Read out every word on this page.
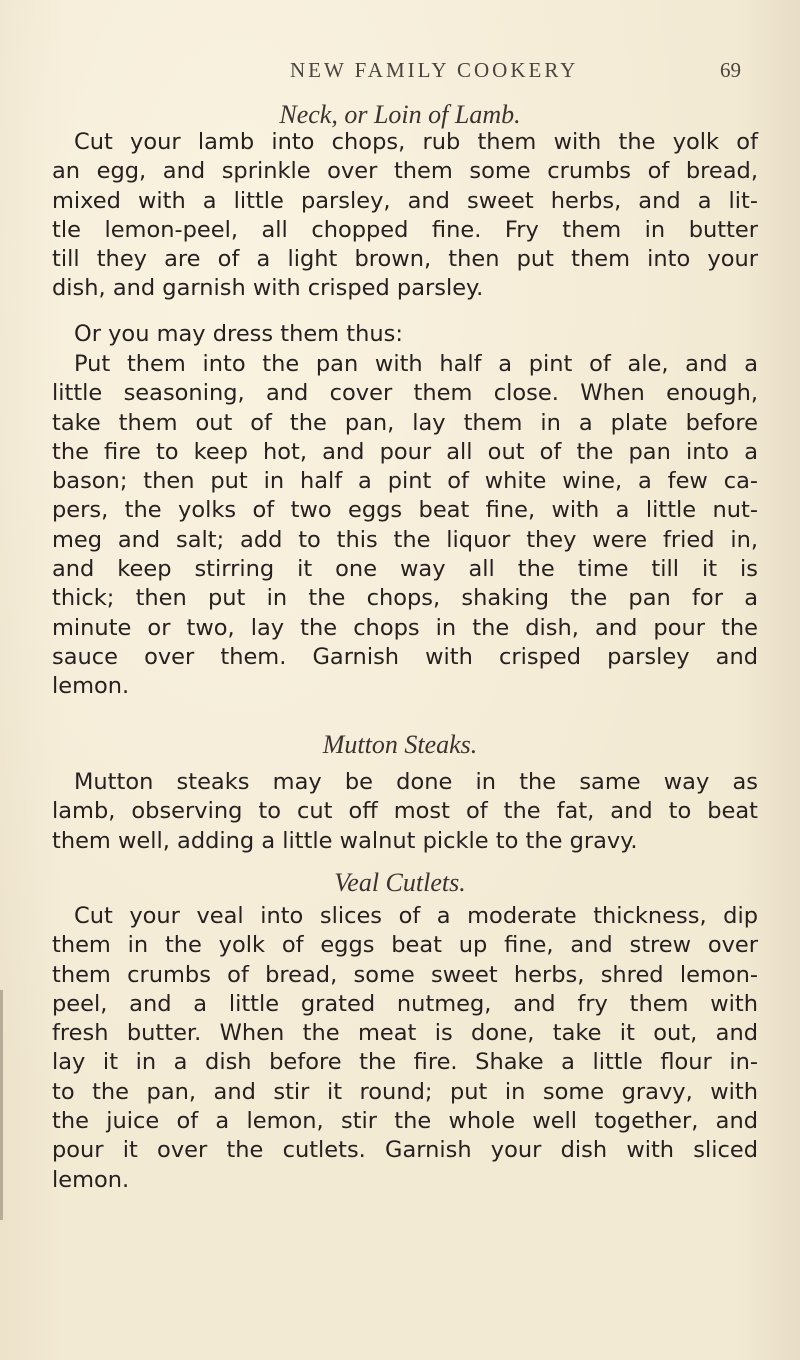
NEW FAMILY COOKERY	69
Neck, or Loin of Lamb.
Cut your lamb into chops, rub them with the yolk of
an egg, and sprinkle over them some crumbs of bread,
mixed with a little parsley, and sweet herbs, and a lit-
tle lemon-peel, all chopped fine. Fry them in butter
till they are of a light brown, then put them into your
dish, and garnish with crisped parsley.
Or you may dress them thus:
Put them into the pan with half a pint of ale, and a
little seasoning, and cover them close. When enough,
take them out of the pan, lay them in a plate before
the fire to keep hot, and pour all out of the pan into a
bason; then put in half a pint of white wine, a few ca-
pers, the yolks of two eggs beat fine, with a little nut-
meg and salt; add to this the liquor they were fried in,
and keep stirring it one way all the time till it is
thick; then put in the chops, shaking the pan for a
minute or two, lay the chops in the dish, and pour the
sauce over them. Garnish with crisped parsley and
lemon.
Mutton Steaks.
Mutton steaks may be done in the same way as
lamb, observing to cut off most of the fat, and to beat
them well, adding a little walnut pickle to the gravy.
Veal Cutlets.
Cut your veal into slices of a moderate thickness, dip
them in the yolk of eggs beat up fine, and strew over
them crumbs of bread, some sweet herbs, shred lemon-
peel, and a little grated nutmeg, and fry them with
fresh butter. When the meat is done, take it out, and
lay it in a dish before the fire. Shake a little flour in-
to the pan, and stir it round; put in some gravy, with
the juice of a lemon, stir the whole well together, and
pour it over the cutlets. Garnish your dish with sliced
lemon.
